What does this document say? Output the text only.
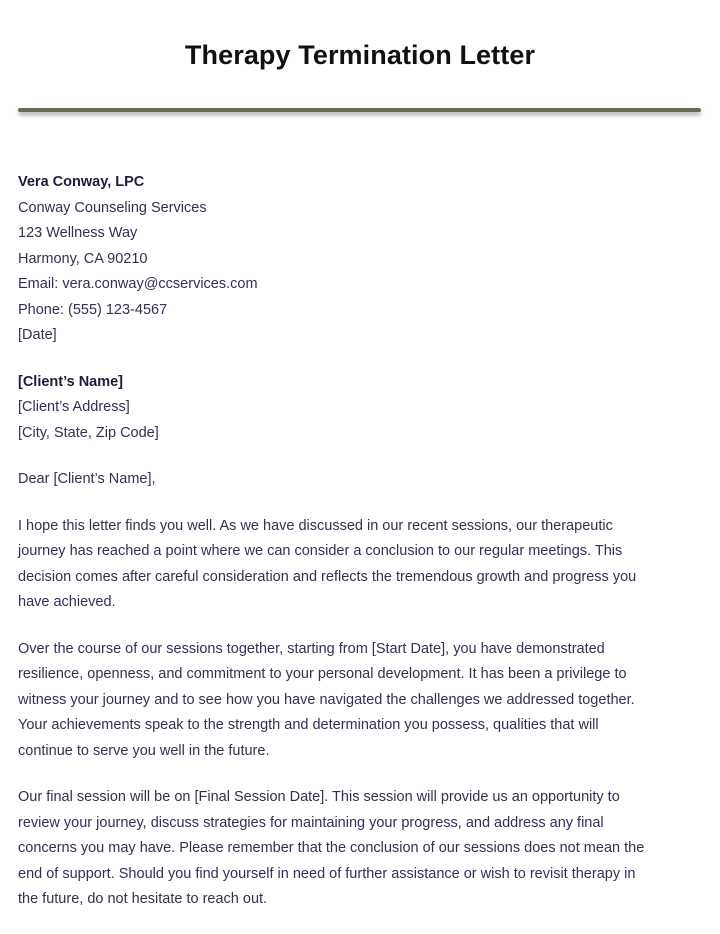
Therapy Termination Letter
Vera Conway, LPC
Conway Counseling Services
123 Wellness Way
Harmony, CA 90210
Email: vera.conway@ccservices.com
Phone: (555) 123-4567
[Date]
[Client’s Name]
[Client’s Address]
[City, State, Zip Code]
Dear [Client’s Name],
I hope this letter finds you well. As we have discussed in our recent sessions, our therapeutic
journey has reached a point where we can consider a conclusion to our regular meetings. This
decision comes after careful consideration and reflects the tremendous growth and progress you
have achieved.
Over the course of our sessions together, starting from [Start Date], you have demonstrated
resilience, openness, and commitment to your personal development. It has been a privilege to
witness your journey and to see how you have navigated the challenges we addressed together.
Your achievements speak to the strength and determination you possess, qualities that will
continue to serve you well in the future.
Our final session will be on [Final Session Date]. This session will provide us an opportunity to
review your journey, discuss strategies for maintaining your progress, and address any final
concerns you may have. Please remember that the conclusion of our sessions does not mean the
end of support. Should you find yourself in need of further assistance or wish to revisit therapy in
the future, do not hesitate to reach out.
